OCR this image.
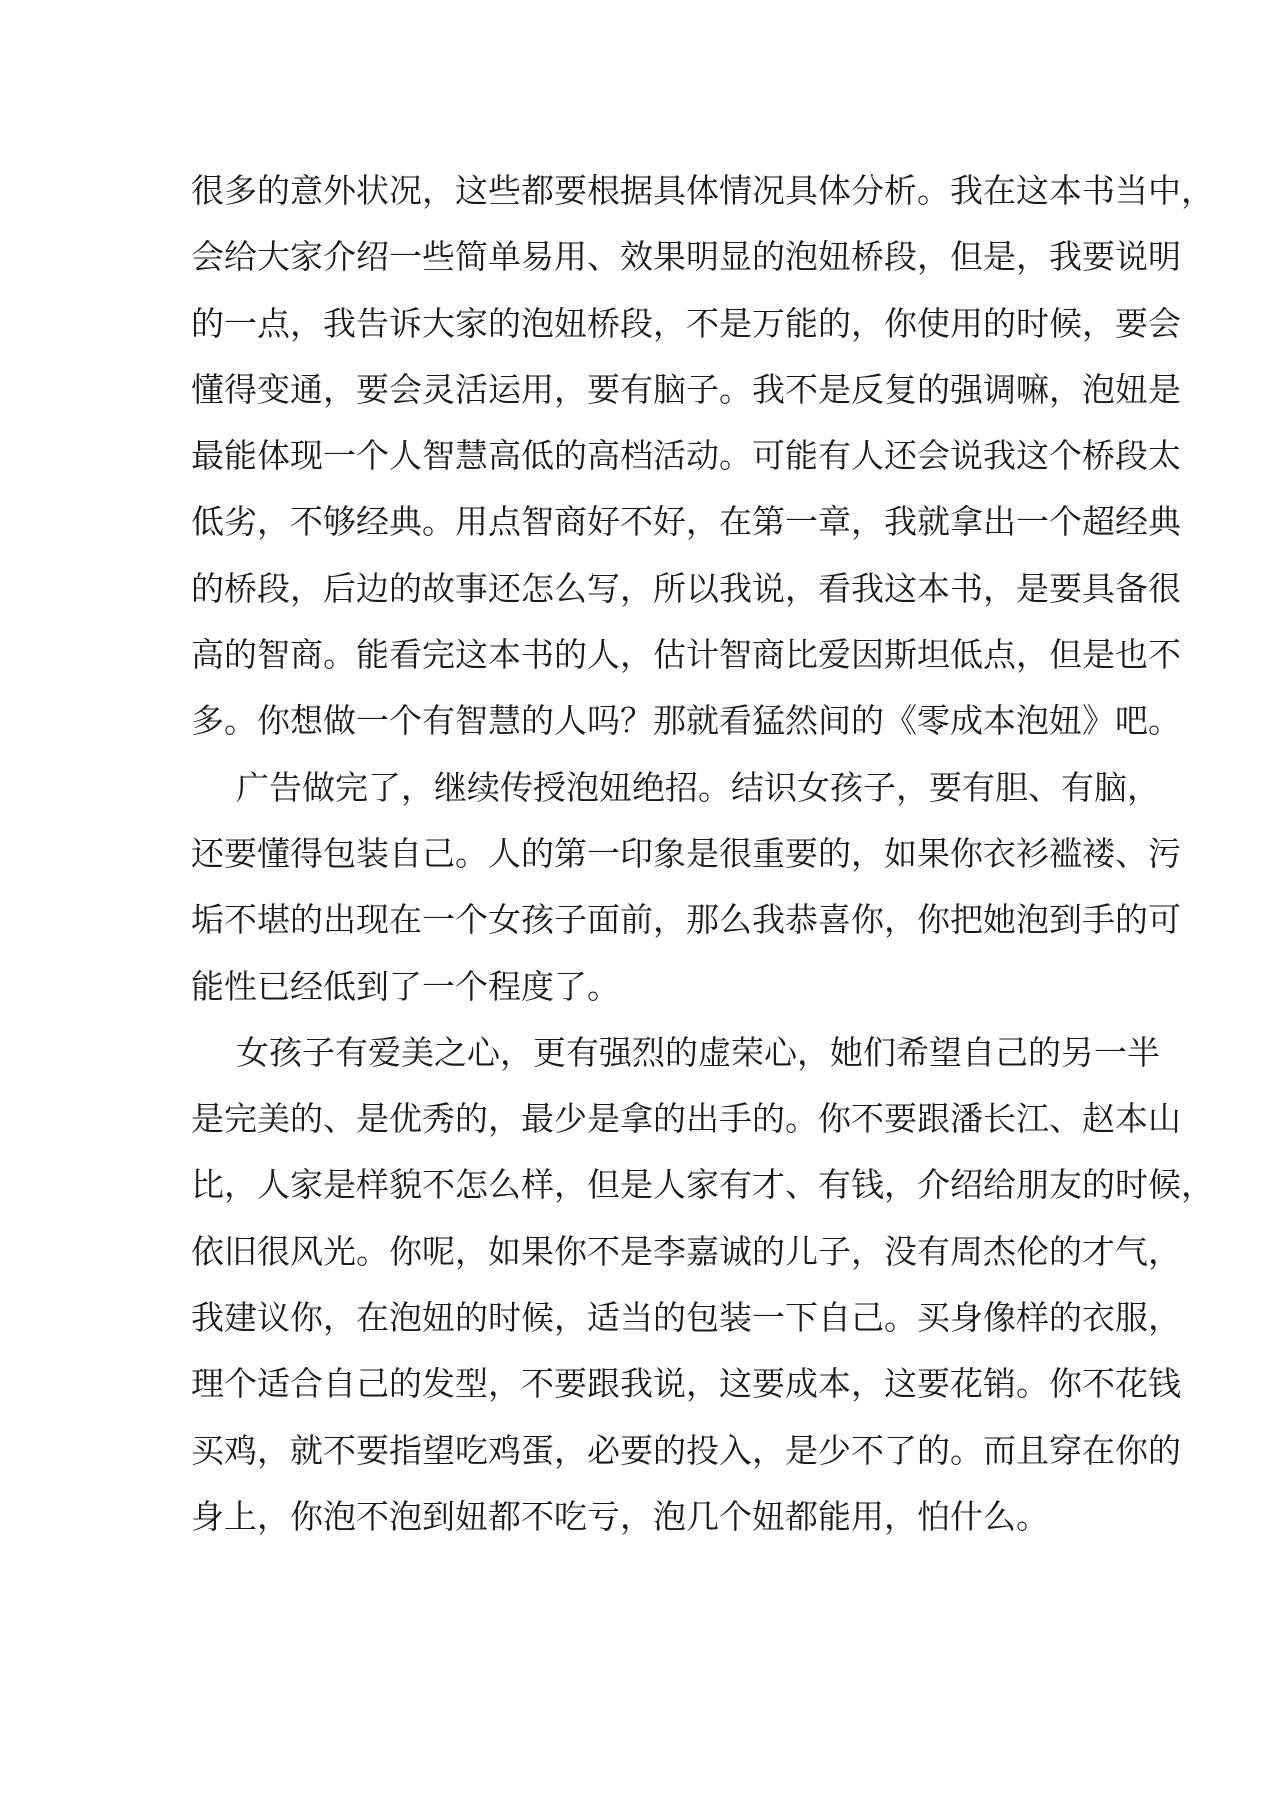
很多的意外状况，这些都要根据具体情况具体分析。我在这本书当中，
会给大家介绍一些简单易用、效果明显的泡妞桥段，但是，我要说明
的一点，我告诉大家的泡妞桥段，不是万能的，你使用的时候，要会
懂得变通，要会灵活运用，要有脑子。我不是反复的强调嘛，泡妞是
最能体现一个人智慧高低的高档活动。可能有人还会说我这个桥段太
低劣，不够经典。用点智商好不好，在第一章，我就拿出一个超经典
的桥段，后边的故事还怎么写，所以我说，看我这本书，是要具备很
高的智商。能看完这本书的人，估计智商比爱因斯坦低点，但是也不
多。你想做一个有智慧的人吗？那就看猛然间的《零成本泡妞》吧。
广告做完了，继续传授泡妞绝招。结识女孩子，要有胆、有脑，
还要懂得包装自己。人的第一印象是很重要的，如果你衣衫褴褛、污
垢不堪的出现在一个女孩子面前，那么我恭喜你，你把她泡到手的可
能性已经低到了一个程度了。
女孩子有爱美之心，更有强烈的虚荣心，她们希望自己的另一半
是完美的、是优秀的，最少是拿的出手的。你不要跟潘长江、赵本山
比，人家是样貌不怎么样，但是人家有才、有钱，介绍给朋友的时候，
依旧很风光。你呢，如果你不是李嘉诚的儿子，没有周杰伦的才气，
我建议你，在泡妞的时候，适当的包装一下自己。买身像样的衣服，
理个适合自己的发型，不要跟我说，这要成本，这要花销。你不花钱
买鸡，就不要指望吃鸡蛋，必要的投入，是少不了的。而且穿在你的
身上，你泡不泡到妞都不吃亏，泡几个妞都能用，怕什么。
